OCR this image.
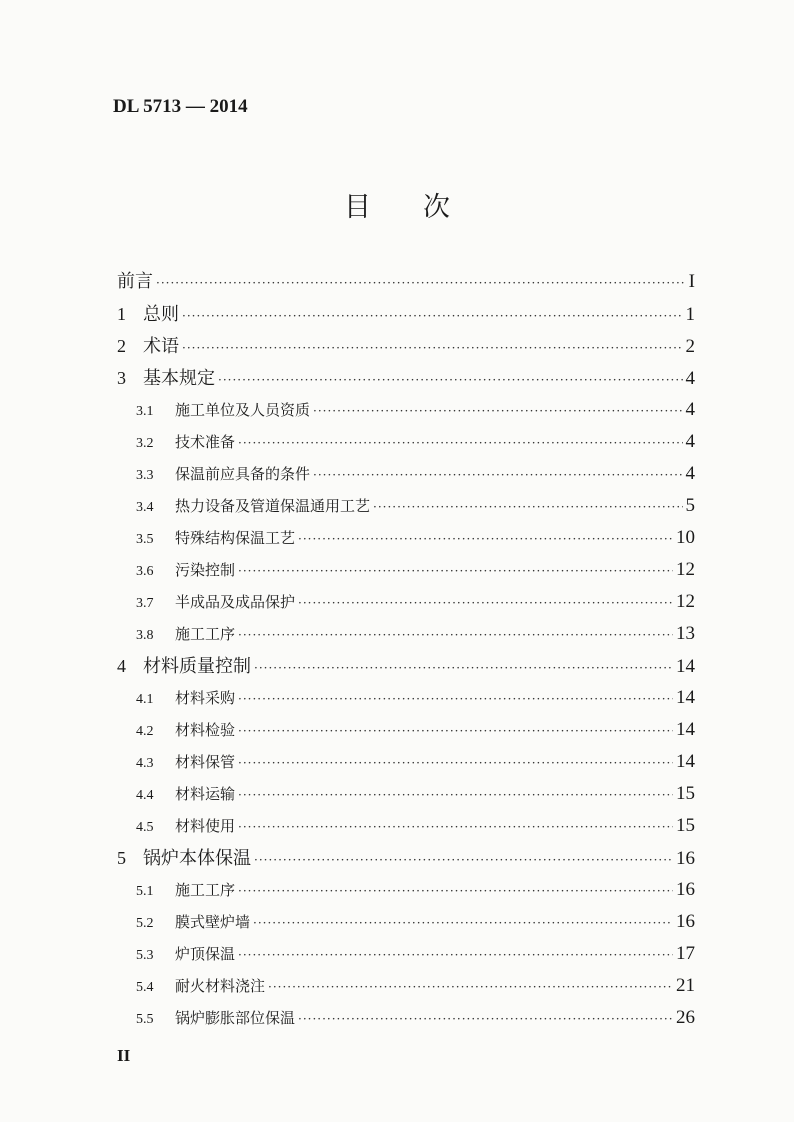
DL 5713 — 2014
目次
前言 ·····	I
1 总则 ·····	1
2 术语 ·····	2
3 基本规定 ·····	4
3.1	施工单位及人员资质 ·····	4
3.2	技术准备 ·····	4
3.3	保温前应具备的条件 ·····	4
3.4	热力设备及管道保温通用工艺 ·····	5
3.5	特殊结构保温工艺 ·····	10
3.6	污染控制 ·····	12
3.7	半成品及成品保护 ·····	12
3.8	施工工序 ·····	13
4 材料质量控制 ·····	14
4.1	材料采购 ·····	14
4.2	材料检验 ·····	14
4.3	材料保管 ·····	14
4.4	材料运输 ·····	15
4.5	材料使用 ·····	15
5 锅炉本体保温 ·····	16
5.1	施工工序 ·····	16
5.2	膜式壁炉墙 ·····	16
5.3	炉顶保温 ·····	17
5.4	耐火材料浇注 ·····	21
5.5	锅炉膨胀部位保温 ·····	26
II
